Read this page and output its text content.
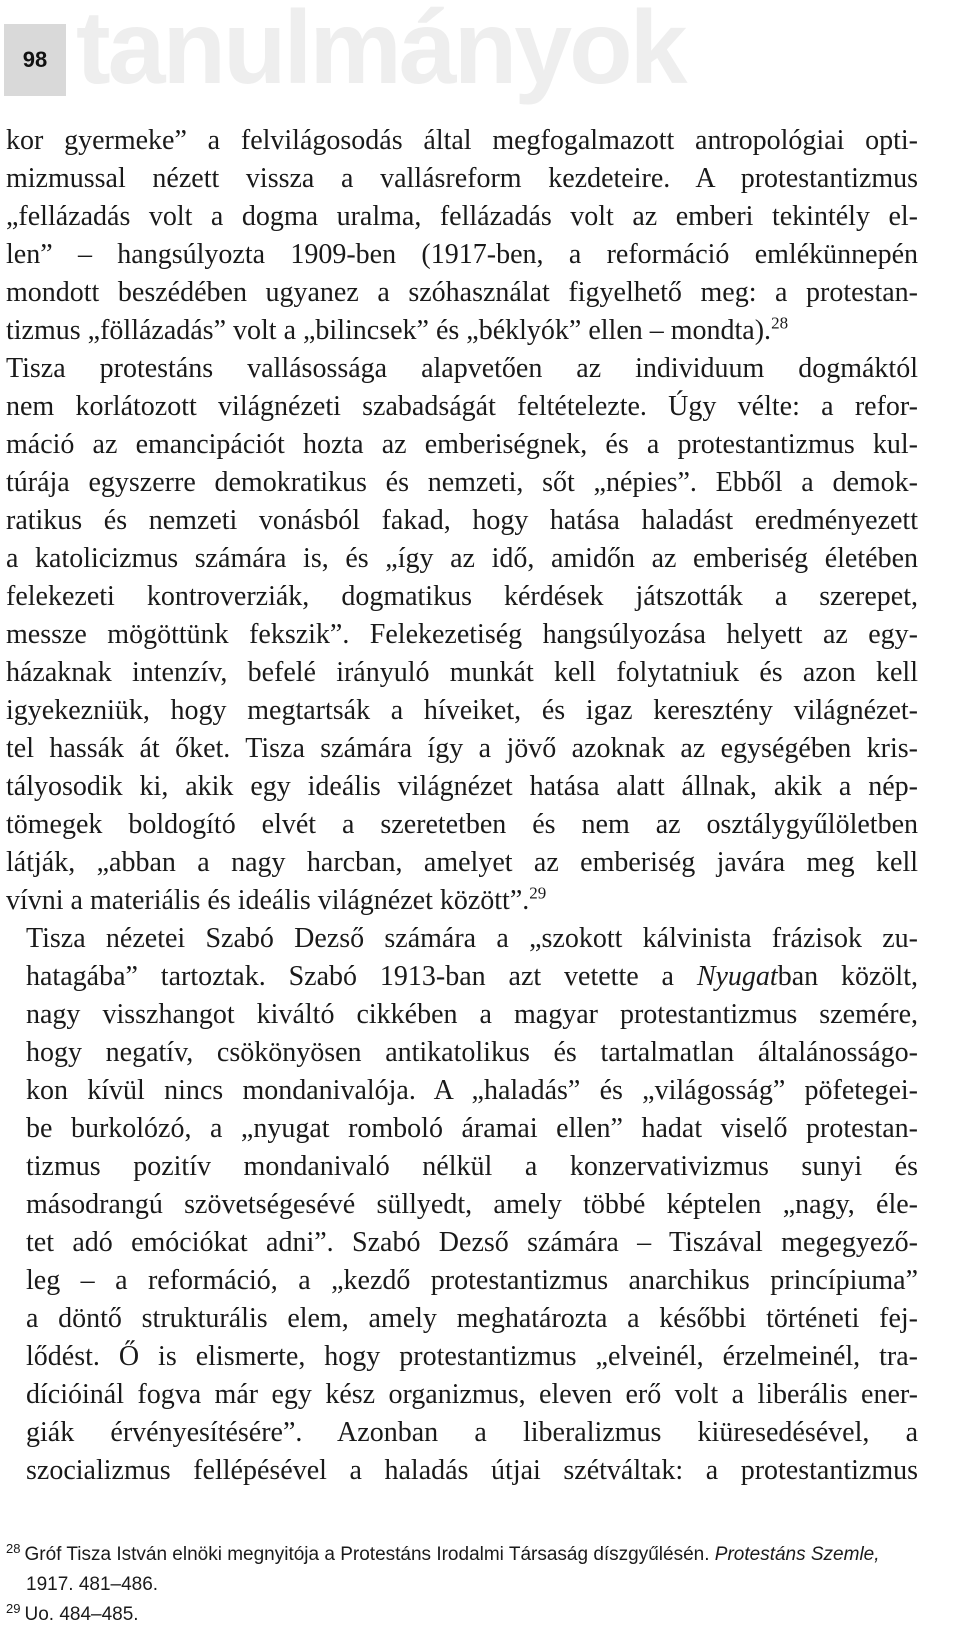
tanulmányok
98

kor gyermeke” a felvilágosodás által megfogalmazott antropológiai opti-
mizmussal nézett vissza a vallásreform kezdeteire. A protestantizmus
„fellázadás volt a dogma uralma, fellázadás volt az emberi tekintély el-
len” – hangsúlyozta 1909-ben (1917-ben, a reformáció emlékünnepén
mondott beszédében ugyanez a szóhasználat figyelhető meg: a protestan-
tizmus „föllázadás” volt a „bilincsek” és „béklyók” ellen – mondta).$^{28}$
Tisza protestáns vallásossága alapvetően az individuum dogmáktól
nem korlátozott világnézeti szabadságát feltételezte. Úgy vélte: a refor-
máció az emancipációt hozta az emberiségnek, és a protestantizmus kul-
túrája egyszerre demokratikus és nemzeti, sőt „népies”. Ebből a demok-
ratikus és nemzeti vonásból fakad, hogy hatása haladást eredményezett
a katolicizmus számára is, és „így az idő, amidőn az emberiség életében
felekezeti kontroverziák, dogmatikus kérdések játszották a szerepet,
messze mögöttünk fekszik”. Felekezetiség hangsúlyozása helyett az egy-
házaknak intenzív, befelé irányuló munkát kell folytatniuk és azon kell
igyekezniük, hogy megtartsák a híveiket, és igaz keresztény világnézet-
tel hassák át őket. Tisza számára így a jövő azoknak az egységében kris-
tályosodik ki, akik egy ideális világnézet hatása alatt állnak, akik a nép-
tömegek boldogító elvét a szeretetben és nem az osztálygyűlöletben
látják, „abban a nagy harcban, amelyet az emberiség javára meg kell
vívni a materiális és ideális világnézet között”.$^{29}$

Tisza nézetei Szabó Dezső számára a „szokott kálvinista frázisok zu-
hatagába” tartoztak. Szabó 1913-ban azt vetette a Nyugatban közölt,
nagy visszhangot kiváltó cikkében a magyar protestantizmus szemére,
hogy negatív, csökönyösen antikatolikus és tartalmatlan általánosságo-
kon kívül nincs mondanivalója. A „haladás” és „világosság” pöfetegei-
be burkolózó, a „nyugat romboló áramai ellen” hadat viselő protestan-
tizmus pozitív mondanivaló nélkül a konzervativizmus sunyi és
másodrangú szövetségesévé süllyedt, amely többé képtelen „nagy, éle-
tet adó emóciókat adni”. Szabó Dezső számára – Tiszával megegyező-
leg – a reformáció, a „kezdő protestantizmus anarchikus princípiuma”
a döntő strukturális elem, amely meghatározta a későbbi történeti fej-
lődést. Ő is elismerte, hogy protestantizmus „elveinél, érzelmeinél, tra-
dícióinál fogva már egy kész organizmus, eleven erő volt a liberális ener-
giák érvényesítésére”. Azonban a liberalizmus kiüresedésével, a
szocializmus fellépésével a haladás útjai szétváltak: a protestantizmus

$^{28}$ Gróf Tisza István elnöki megnyitója a Protestáns Irodalmi Társaság díszgyűlésén. Protestáns Szemle,
1917. 481–486.
$^{29}$ Uo. 484–485.
